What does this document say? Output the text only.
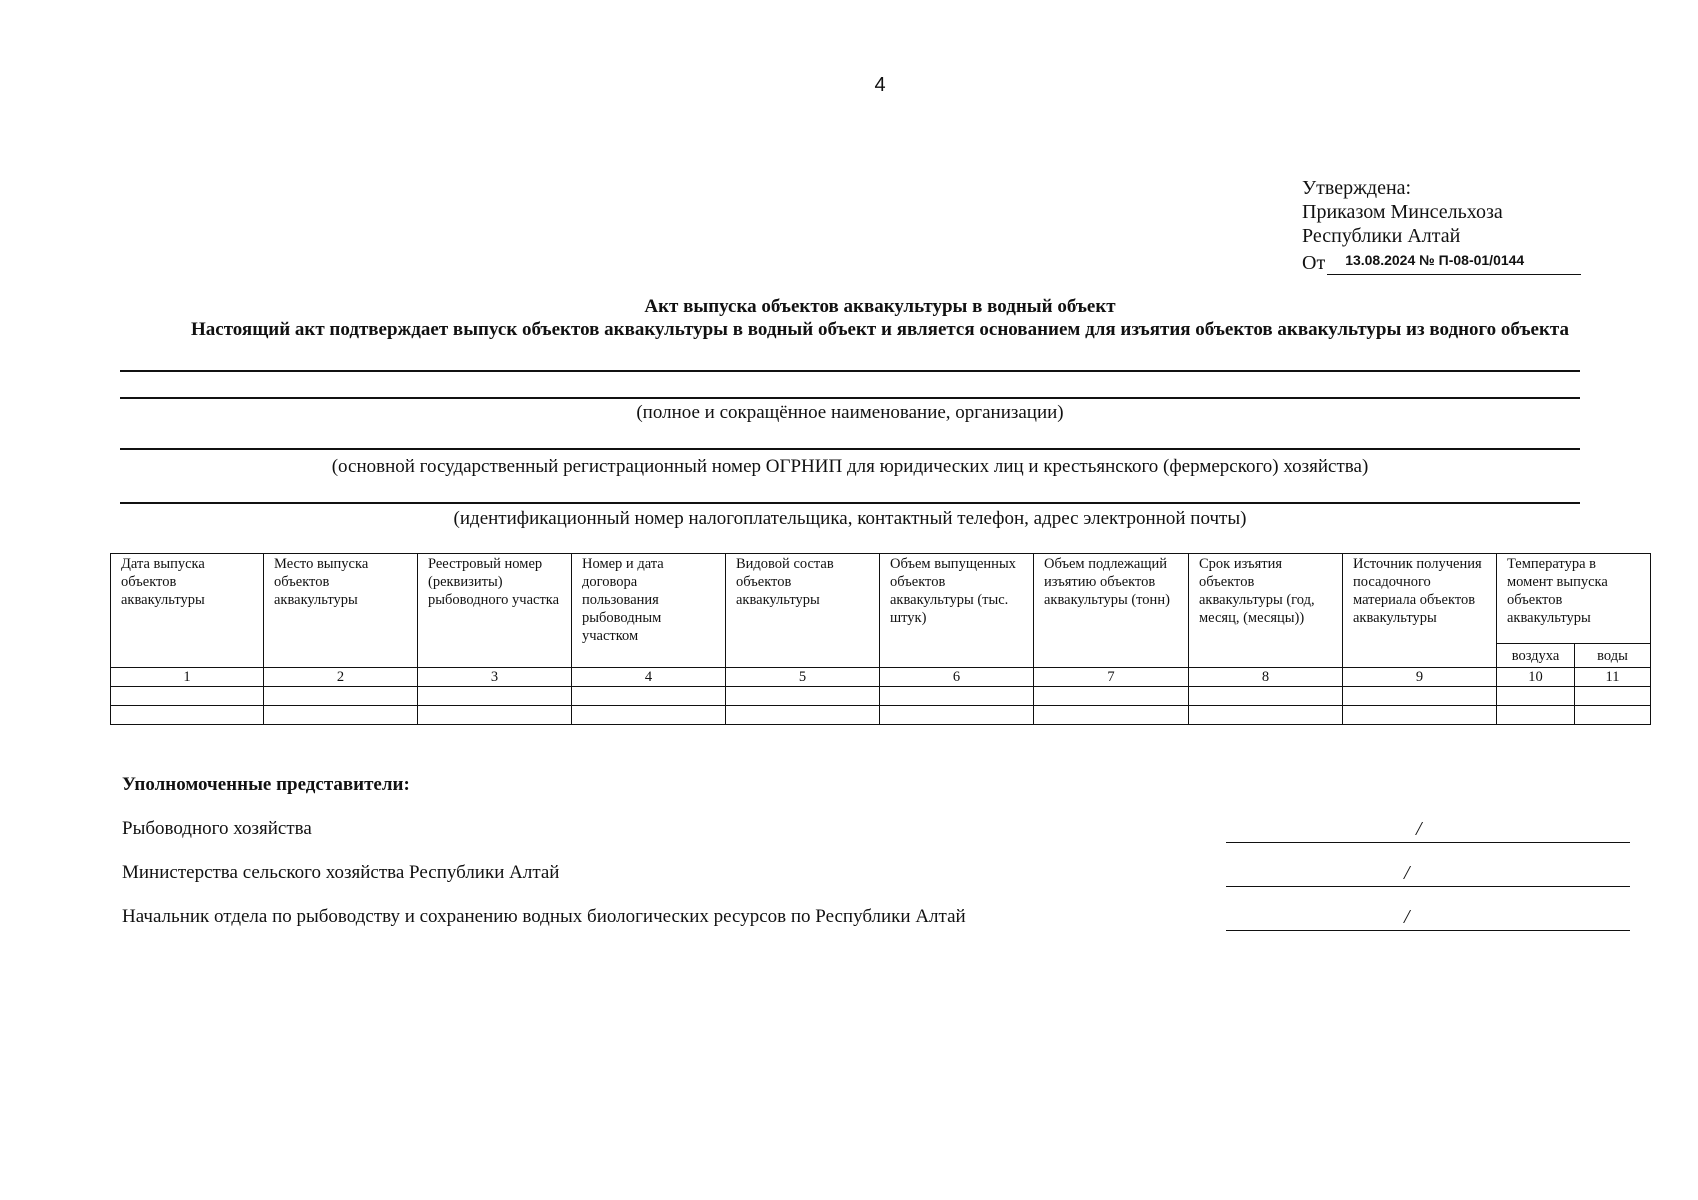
4
Утверждена:
Приказом Минсельхоза
Республики Алтай
От	13.08.2024 № П-08-01/0144
Акт выпуска объектов аквакультуры в водный объект
Настоящий акт подтверждает выпуск объектов аквакультуры в водный объект и является основанием для изъятия объектов аквакультуры из водного объекта
(полное и сокращённое наименование, организации)
(основной государственный регистрационный номер ОГРНИП для юридических лиц и крестьянского (фермерского) хозяйства)
(идентификационный номер налогоплательщика, контактный телефон, адрес электронной почты)
Дата выпуска объектов аквакультуры	Место выпуска объектов аквакультуры	Реестровый номер (реквизиты) рыбоводного участка	Номер и дата договора пользования рыбоводным участком	Видовой состав объектов аквакультуры	Объем выпущенных объектов аквакультуры (тыс. штук)	Объем подлежащий изъятию объектов аквакультуры (тонн)	Срок изъятия объектов аквакультуры (год, месяц, (месяцы))	Источник получения посадочного материала объектов аквакультуры	Температура в момент выпуска объектов аквакультуры	
									воздуха	воды
1	2	3	4	5	6	7	8	9	10	11

Уполномоченные представители:
Рыбоводного хозяйства	/
Министерства сельского хозяйства Республики Алтай	/
Начальник отдела по рыбоводству и сохранению водных биологических ресурсов по Республики Алтай	/
